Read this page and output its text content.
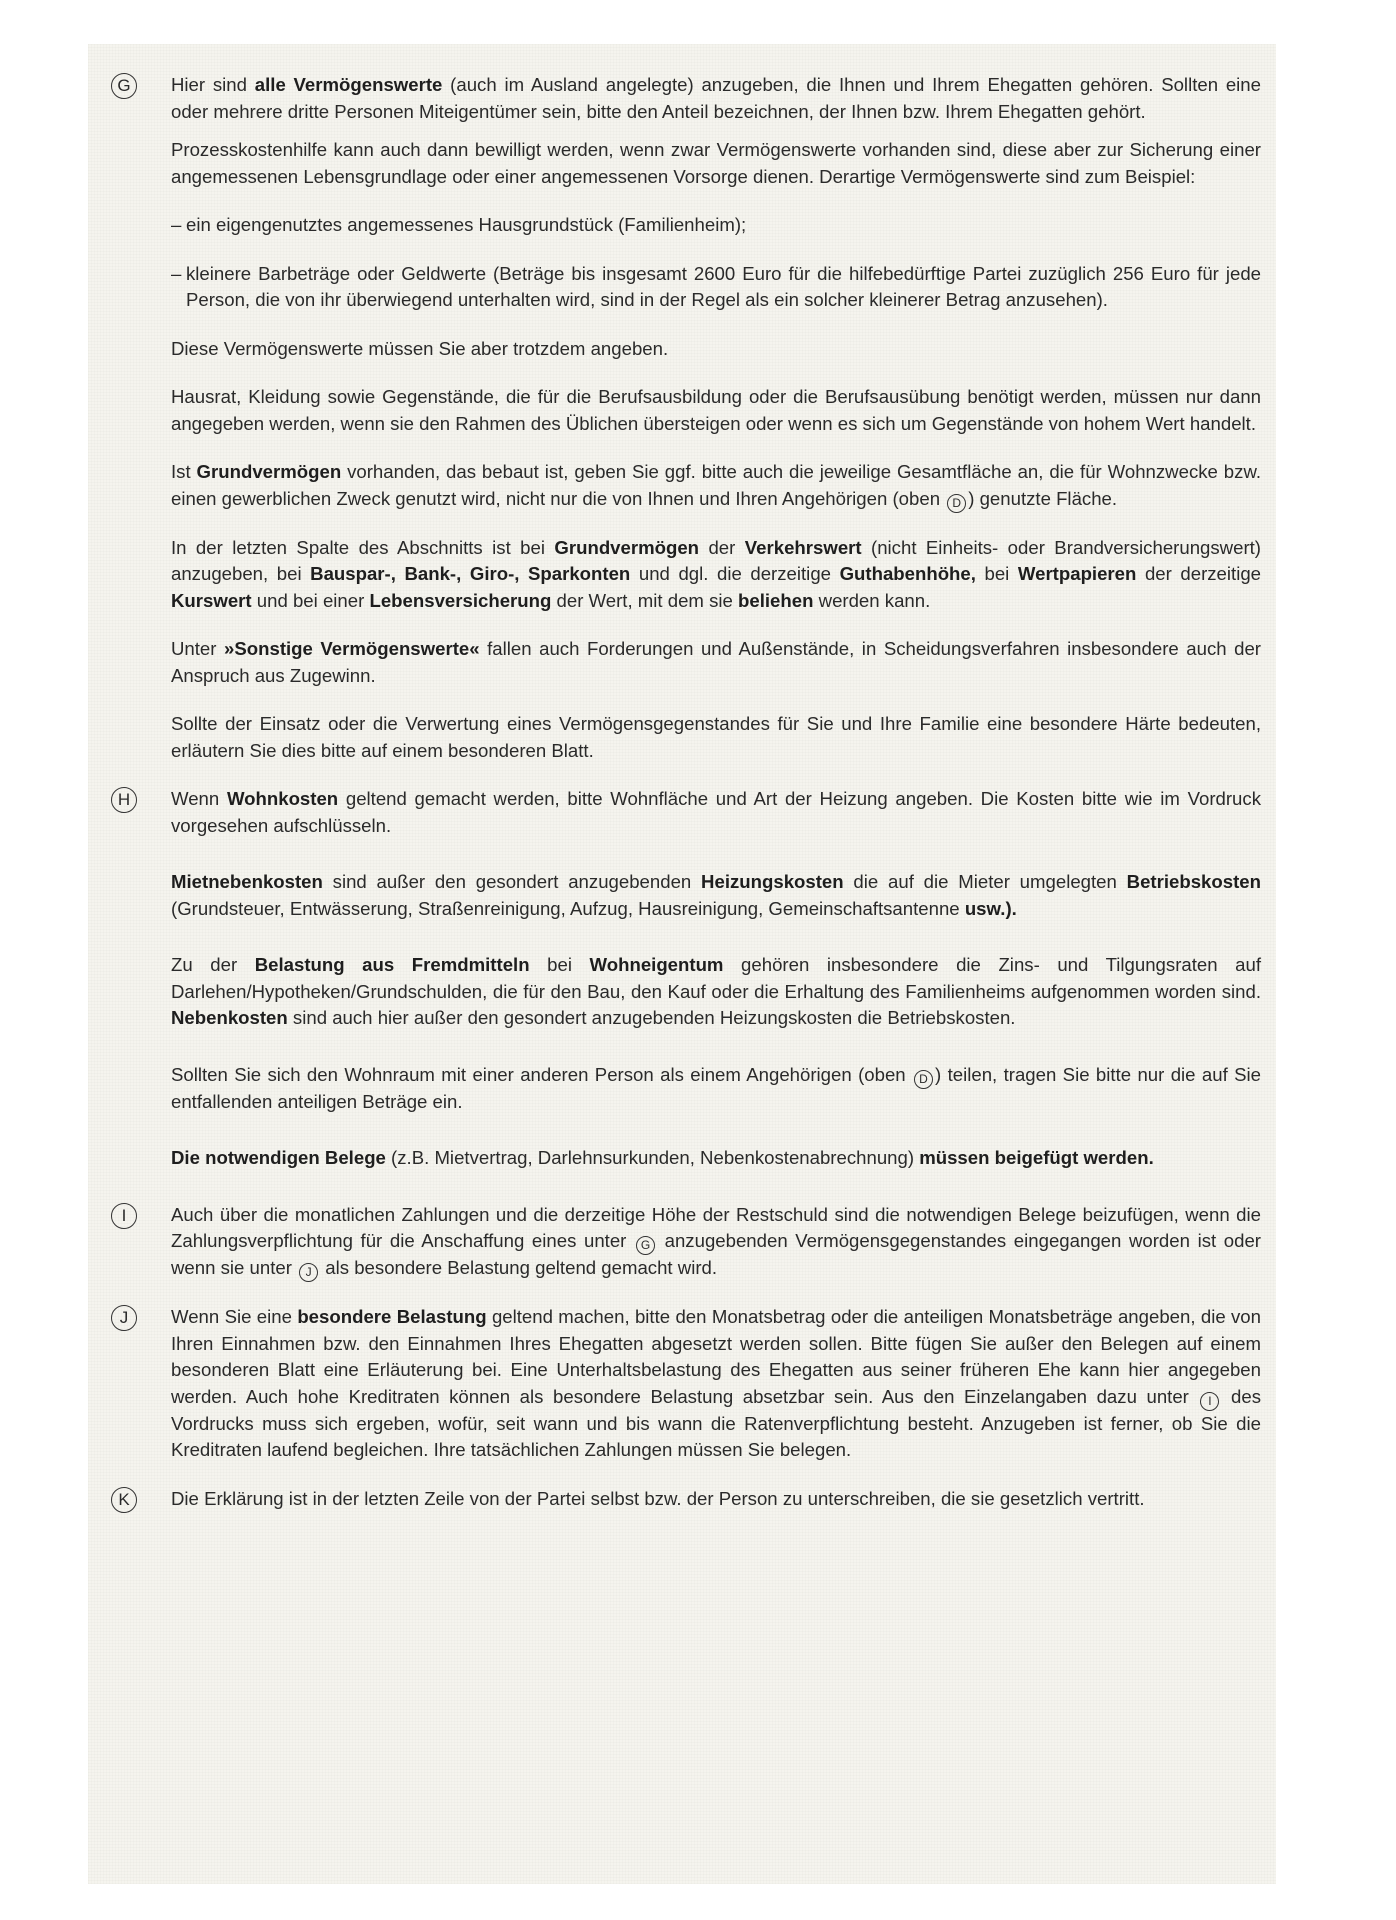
G	Hier sind alle Vermögenswerte (auch im Ausland angelegte) anzugeben, die Ihnen und Ihrem Ehegatten gehören. Sollten eine oder mehrere dritte Personen Miteigentümer sein, bitte den Anteil bezeichnen, der Ihnen bzw. Ihrem Ehegatten gehört.

Prozesskostenhilfe kann auch dann bewilligt werden, wenn zwar Vermögenswerte vorhanden sind, diese aber zur Sicherung einer angemessenen Lebensgrundlage oder einer angemessenen Vorsorge dienen. Derartige Vermögenswerte sind zum Beispiel:

– ein eigengenutztes angemessenes Hausgrundstück (Familienheim);

– kleinere Barbeträge oder Geldwerte (Beträge bis insgesamt 2600 Euro für die hilfebedürftige Partei zuzüglich 256 Euro für jede Person, die von ihr überwiegend unterhalten wird, sind in der Regel als ein solcher kleinerer Betrag anzusehen).

Diese Vermögenswerte müssen Sie aber trotzdem angeben.

Hausrat, Kleidung sowie Gegenstände, die für die Berufsausbildung oder die Berufsausübung benötigt werden, müssen nur dann angegeben werden, wenn sie den Rahmen des Üblichen übersteigen oder wenn es sich um Gegenstände von hohem Wert handelt.

Ist Grundvermögen vorhanden, das bebaut ist, geben Sie ggf. bitte auch die jeweilige Gesamtfläche an, die für Wohnzwecke bzw. einen gewerblichen Zweck genutzt wird, nicht nur die von Ihnen und Ihren Angehörigen (oben D ) genutzte Fläche.

In der letzten Spalte des Abschnitts ist bei Grundvermögen der Verkehrswert (nicht Einheits- oder Brandversicherungswert) anzugeben, bei Bauspar-, Bank-, Giro-, Sparkonten und dgl. die derzeitige Guthabenhöhe, bei Wertpapieren der derzeitige Kurswert und bei einer Lebensversicherung der Wert, mit dem sie beliehen werden kann.

Unter »Sonstige Vermögenswerte« fallen auch Forderungen und Außenstände, in Scheidungsverfahren insbesondere auch der Anspruch aus Zugewinn.

Sollte der Einsatz oder die Verwertung eines Vermögensgegenstandes für Sie und Ihre Familie eine besondere Härte bedeuten, erläutern Sie dies bitte auf einem besonderen Blatt.

H	Wenn Wohnkosten geltend gemacht werden, bitte Wohnfläche und Art der Heizung angeben. Die Kosten bitte wie im Vordruck vorgesehen aufschlüsseln.

Mietnebenkosten sind außer den gesondert anzugebenden Heizungskosten die auf die Mieter umgelegten Betriebskosten (Grundsteuer, Entwässerung, Straßenreinigung, Aufzug, Hausreinigung, Gemeinschaftsantenne usw.).

Zu der Belastung aus Fremdmitteln bei Wohneigentum gehören insbesondere die Zins- und Tilgungsraten auf Darlehen/Hypotheken/Grundschulden, die für den Bau, den Kauf oder die Erhaltung des Familienheims aufgenommen worden sind. Nebenkosten sind auch hier außer den gesondert anzugebenden Heizungskosten die Betriebskosten.

Sollten Sie sich den Wohnraum mit einer anderen Person als einem Angehörigen (oben D ) teilen, tragen Sie bitte nur die auf Sie entfallenden anteiligen Beträge ein.

Die notwendigen Belege (z.B. Mietvertrag, Darlehnsurkunden, Nebenkostenabrechnung) müssen beigefügt werden.

I	Auch über die monatlichen Zahlungen und die derzeitige Höhe der Restschuld sind die notwendigen Belege beizufügen, wenn die Zahlungsverpflichtung für die Anschaffung eines unter G anzugebenden Vermögensgegenstandes eingegangen worden ist oder wenn sie unter J als besondere Belastung geltend gemacht wird.

J	Wenn Sie eine besondere Belastung geltend machen, bitte den Monatsbetrag oder die anteiligen Monatsbeträge angeben, die von Ihren Einnahmen bzw. den Einnahmen Ihres Ehegatten abgesetzt werden sollen. Bitte fügen Sie außer den Belegen auf einem besonderen Blatt eine Erläuterung bei. Eine Unterhaltsbelastung des Ehegatten aus seiner früheren Ehe kann hier angegeben werden. Auch hohe Kreditraten können als besondere Belastung absetzbar sein. Aus den Einzelangaben dazu unter I des Vordrucks muss sich ergeben, wofür, seit wann und bis wann die Ratenverpflichtung besteht. Anzugeben ist ferner, ob Sie die Kreditraten laufend begleichen. Ihre tatsächlichen Zahlungen müssen Sie belegen.

K	Die Erklärung ist in der letzten Zeile von der Partei selbst bzw. der Person zu unterschreiben, die sie gesetzlich vertritt.
